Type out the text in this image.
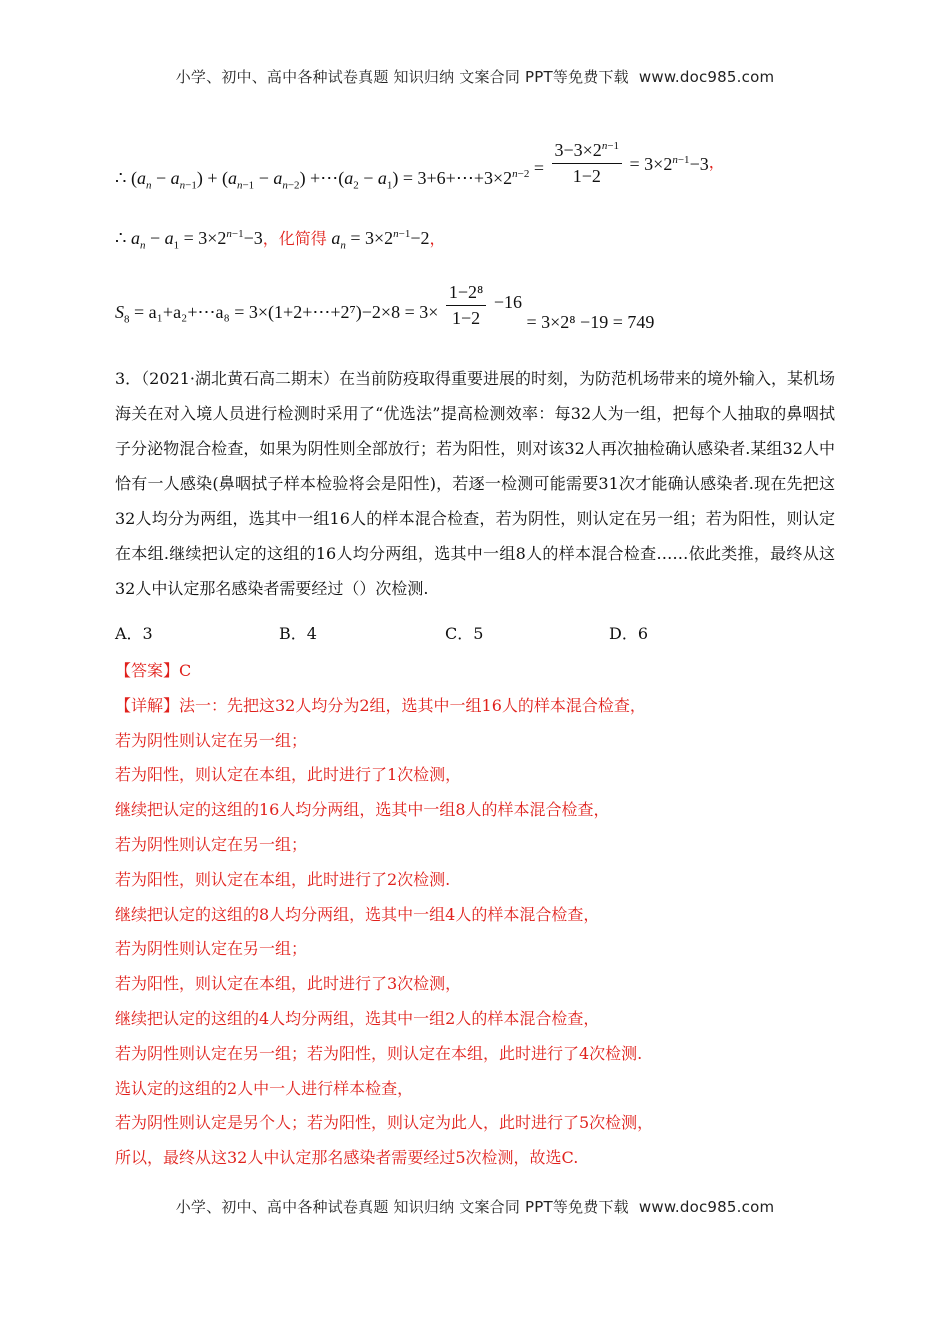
小学、初中、高中各种试卷真题 知识归纳 文案合同 PPT等免费下载 www.doc985.com
∴ $(a_n - a_{n-1}) + (a_{n-1} - a_{n-2})$ $+\cdots(a_2 - a_1)$ = $3+6+\cdots+3\times 2^{n-2} = \frac{3-3\times 2^{n-1}}{1-2} = 3\times 2^{n-1}-3$，
∴ $a_n - a_1 = 3\times 2^{n-1}-3$，化简得 $a_n = 3\times 2^{n-1}-2$，
$S_8$ = a₁+a₂+⋯a₈ = 3×(1+2+⋯+2⁷)−2×8 = $3\times \frac{\text{1−2⁸}}{1-2} -16 = 3\times 2^8 -19 = 749$
3．（2021·湖北黄石高二期末）在当前防疫取得重要进展的时刻，为防范机场带来的境外输入，某机场海关在对入境人员进行检测时采用了“优选法”提高检测效率：每32人为一组，把每个人抽取的鼻咽拭子分泌物混合检查，如果为阴性则全部放行；若为阳性，则对该32人再次抽检确认感染者.某组32人中恰有一人感染(鼻咽拭子样本检验将会是阳性)，若逐一检测可能需要31次才能确认感染者.现在先把这32人均分为两组，选其中一组16人的样本混合检查，若为阴性，则认定在另一组；若为阳性，则认定在本组.继续把认定的这组的16人均分两组，选其中一组8人的样本混合检查……依此类推，最终从这32人中认定那名感染者需要经过（）次检测.
A．3	B．4	C．5	D．6
【答案】C
【详解】法一：先把这32人均分为2组，选其中一组16人的样本混合检查，
若为阴性则认定在另一组；
若为阳性，则认定在本组，此时进行了1次检测，
继续把认定的这组的16人均分两组，选其中一组8人的样本混合检查，
若为阴性则认定在另一组；
若为阳性，则认定在本组，此时进行了2次检测.
继续把认定的这组的8人均分两组，选其中一组4人的样本混合检查，
若为阴性则认定在另一组；
若为阳性，则认定在本组，此时进行了3次检测，
继续把认定的这组的4人均分两组，选其中一组2人的样本混合检查，
若为阴性则认定在另一组；若为阳性，则认定在本组，此时进行了4次检测.
选认定的这组的2人中一人进行样本检查，
若为阴性则认定是另个人；若为阳性，则认定为此人，此时进行了5次检测，
所以，最终从这32人中认定那名感染者需要经过5次检测，故选C.
小学、初中、高中各种试卷真题 知识归纳 文案合同 PPT等免费下载 www.doc985.com
